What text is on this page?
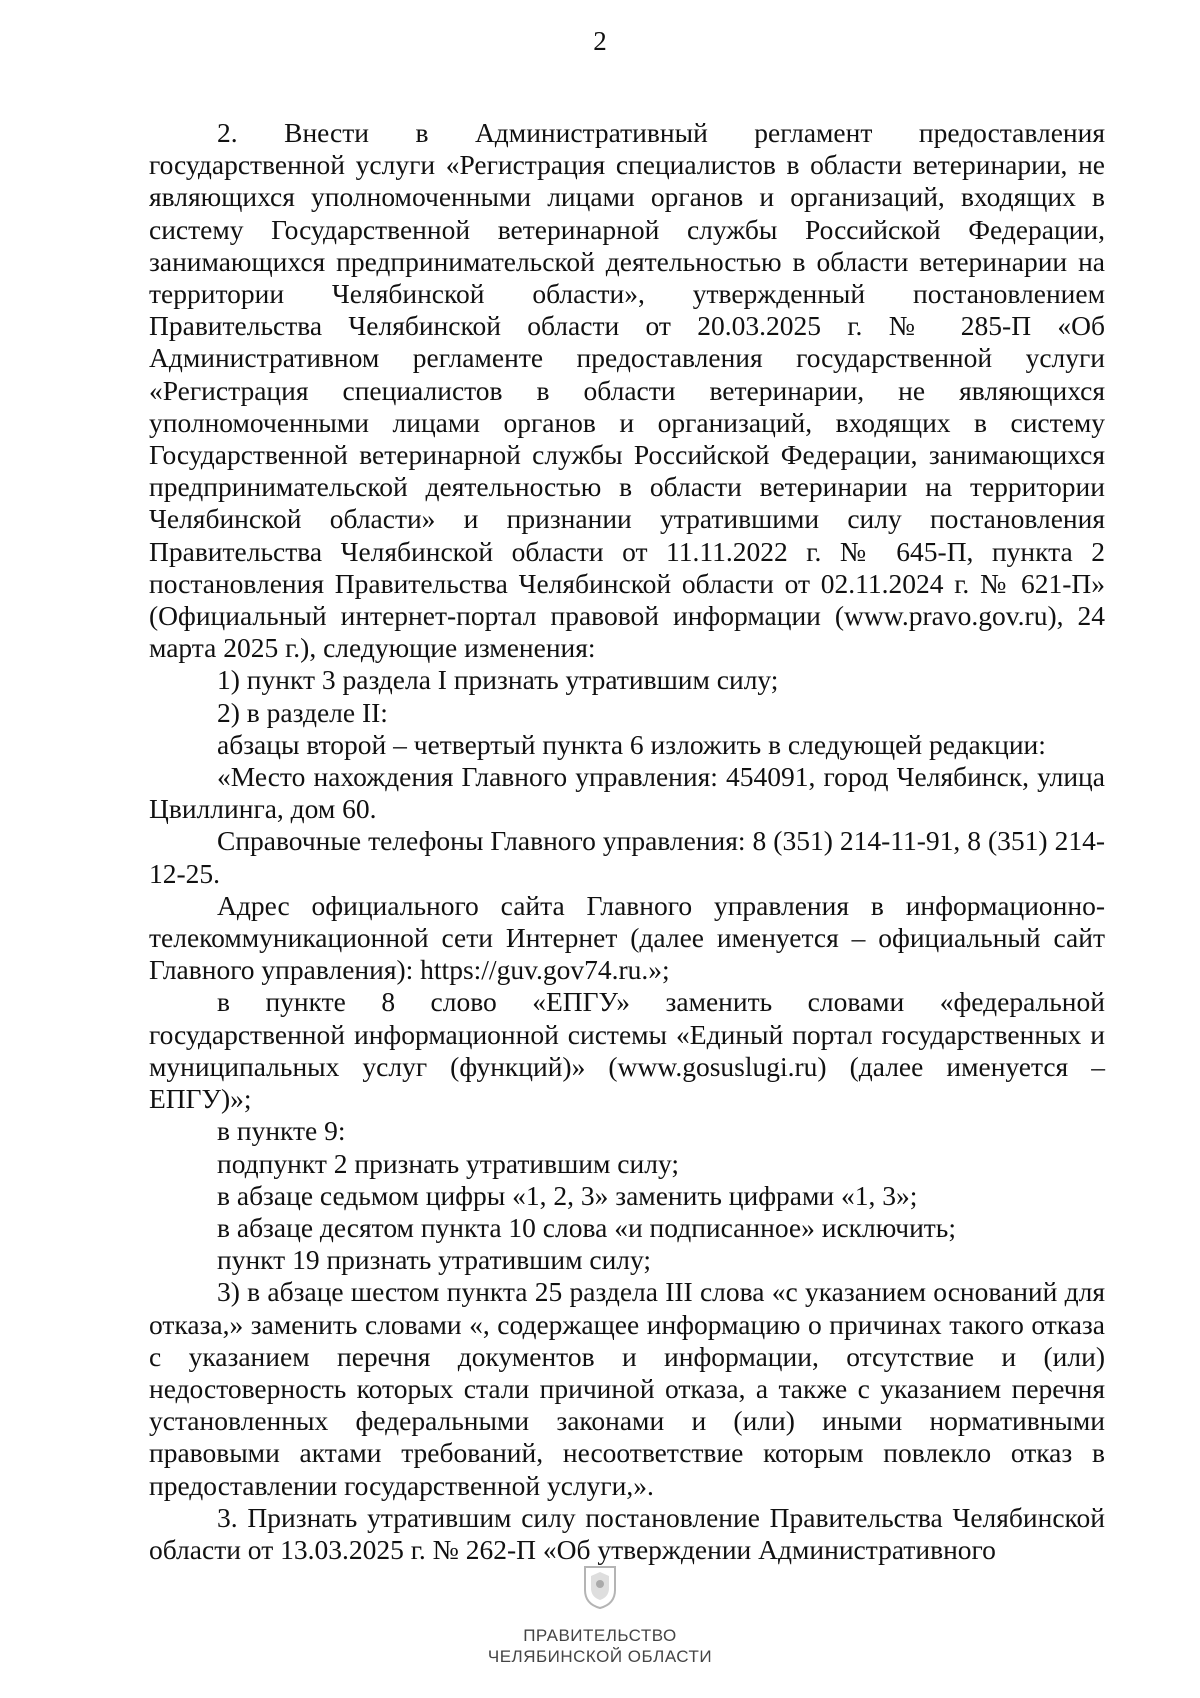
2

2. Внести в Административный регламент предоставления государственной услуги «Регистрация специалистов в области ветеринарии, не являющихся уполномоченными лицами органов и организаций, входящих в систему Государственной ветеринарной службы Российской Федерации, занимающихся предпринимательской деятельностью в области ветеринарии на территории Челябинской области», утвержденный постановлением Правительства Челябинской области от 20.03.2025 г. № 285-П «Об Административном регламенте предоставления государственной услуги «Регистрация специалистов в области ветеринарии, не являющихся уполномоченными лицами органов и организаций, входящих в систему Государственной ветеринарной службы Российской Федерации, занимающихся предпринимательской деятельностью в области ветеринарии на территории Челябинской области» и признании утратившими силу постановления Правительства Челябинской области от 11.11.2022 г. № 645-П, пункта 2 постановления Правительства Челябинской области от 02.11.2024 г. № 621-П» (Официальный интернет-портал правовой информации (www.pravo.gov.ru), 24 марта 2025 г.), следующие изменения:

1) пункт 3 раздела I признать утратившим силу;

2) в разделе II:

абзацы второй – четвертый пункта 6 изложить в следующей редакции:

«Место нахождения Главного управления: 454091, город Челябинск, улица Цвиллинга, дом 60.

Справочные телефоны Главного управления: 8 (351) 214-11-91, 8 (351) 214-12-25.

Адрес официального сайта Главного управления в информационно-телекоммуникационной сети Интернет (далее именуется – официальный сайт Главного управления): https://guv.gov74.ru.»;

в пункте 8 слово «ЕПГУ» заменить словами «федеральной государственной информационной системы «Единый портал государственных и муниципальных услуг (функций)» (www.gosuslugi.ru) (далее именуется – ЕПГУ)»;

в пункте 9:

подпункт 2 признать утратившим силу;

в абзаце седьмом цифры «1, 2, 3» заменить цифрами «1, 3»;

в абзаце десятом пункта 10 слова «и подписанное» исключить;

пункт 19 признать утратившим силу;

3) в абзаце шестом пункта 25 раздела III слова «с указанием оснований для отказа,» заменить словами «, содержащее информацию о причинах такого отказа с указанием перечня документов и информации, отсутствие и (или) недостоверность которых стали причиной отказа, а также с указанием перечня установленных федеральными законами и (или) иными нормативными правовыми актами требований, несоответствие которым повлекло отказ в предоставлении государственной услуги,».

3. Признать утратившим силу постановление Правительства Челябинской области от 13.03.2025 г. № 262-П «Об утверждении Административного

ПРАВИТЕЛЬСТВО
ЧЕЛЯБИНСКОЙ ОБЛАСТИ
